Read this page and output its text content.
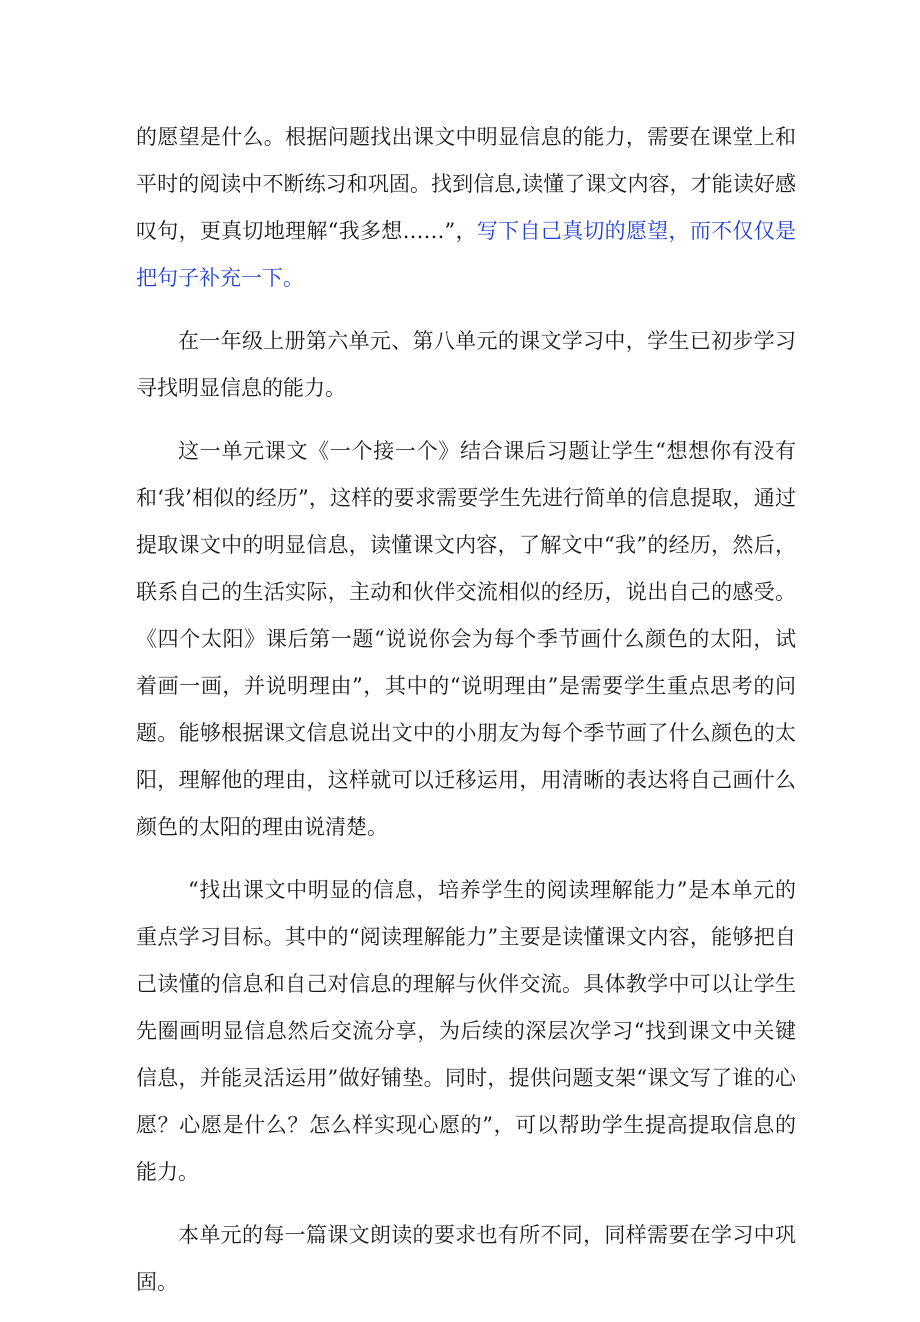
的愿望是什么。根据问题找出课文中明显信息的能力，需要在课堂上和平时的阅读中不断练习和巩固。找到信息,读懂了课文内容，才能读好感叹句，更真切地理解“我多想……”，写下自己真切的愿望，而不仅仅是把句子补充一下。

在一年级上册第六单元、第八单元的课文学习中，学生已初步学习寻找明显信息的能力。

这一单元课文《一个接一个》结合课后习题让学生“想想你有没有和‘我’相似的经历”，这样的要求需要学生先进行简单的信息提取，通过提取课文中的明显信息，读懂课文内容，了解文中“我”的经历，然后，联系自己的生活实际，主动和伙伴交流相似的经历，说出自己的感受。《四个太阳》课后第一题“说说你会为每个季节画什么颜色的太阳，试着画一画，并说明理由”，其中的“说明理由”是需要学生重点思考的问题。能够根据课文信息说出文中的小朋友为每个季节画了什么颜色的太阳，理解他的理由，这样就可以迁移运用，用清晰的表达将自己画什么颜色的太阳的理由说清楚。

“找出课文中明显的信息，培养学生的阅读理解能力”是本单元的重点学习目标。其中的“阅读理解能力”主要是读懂课文内容，能够把自己读懂的信息和自己对信息的理解与伙伴交流。具体教学中可以让学生先圈画明显信息然后交流分享，为后续的深层次学习“找到课文中关键信息，并能灵活运用”做好铺垫。同时，提供问题支架“课文写了谁的心愿？心愿是什么？怎么样实现心愿的”，可以帮助学生提高提取信息的能力。

本单元的每一篇课文朗读的要求也有所不同，同样需要在学习中巩固。
